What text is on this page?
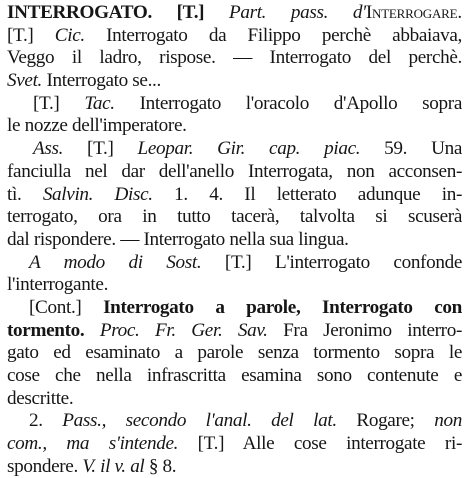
INTERROGATO. [T.] Part. pass. d'Interrogare.
[T.] Cic. Interrogato da Filippo perchè abbaiava,
Veggo il ladro, rispose. — Interrogato del perchè.
Svet. Interrogato se...
[T.] Tac. Interrogato l'oracolo d'Apollo sopra
le nozze dell'imperatore.
Ass. [T.] Leopar. Gir. cap. piac. 59. Una
fanciulla nel dar dell'anello Interrogata, non acconsen-
tì. Salvin. Disc. 1. 4. Il letterato adunque in-
terrogato, ora in tutto tacerà, talvolta si scuserà
dal rispondere. — Interrogato nella sua lingua.
A modo di Sost. [T.] L'interrogato confonde
l'interrogante.
[Cont.] Interrogato a parole, Interrogato con
tormento. Proc. Fr. Ger. Sav. Fra Jeronimo interro-
gato ed esaminato a parole senza tormento sopra le
cose che nella infrascritta esamina sono contenute e
descritte.
2. Pass., secondo l'anal. del lat. Rogare; non
com., ma s'intende. [T.] Alle cose interrogate ri-
spondere. V. il v. al § 8.
